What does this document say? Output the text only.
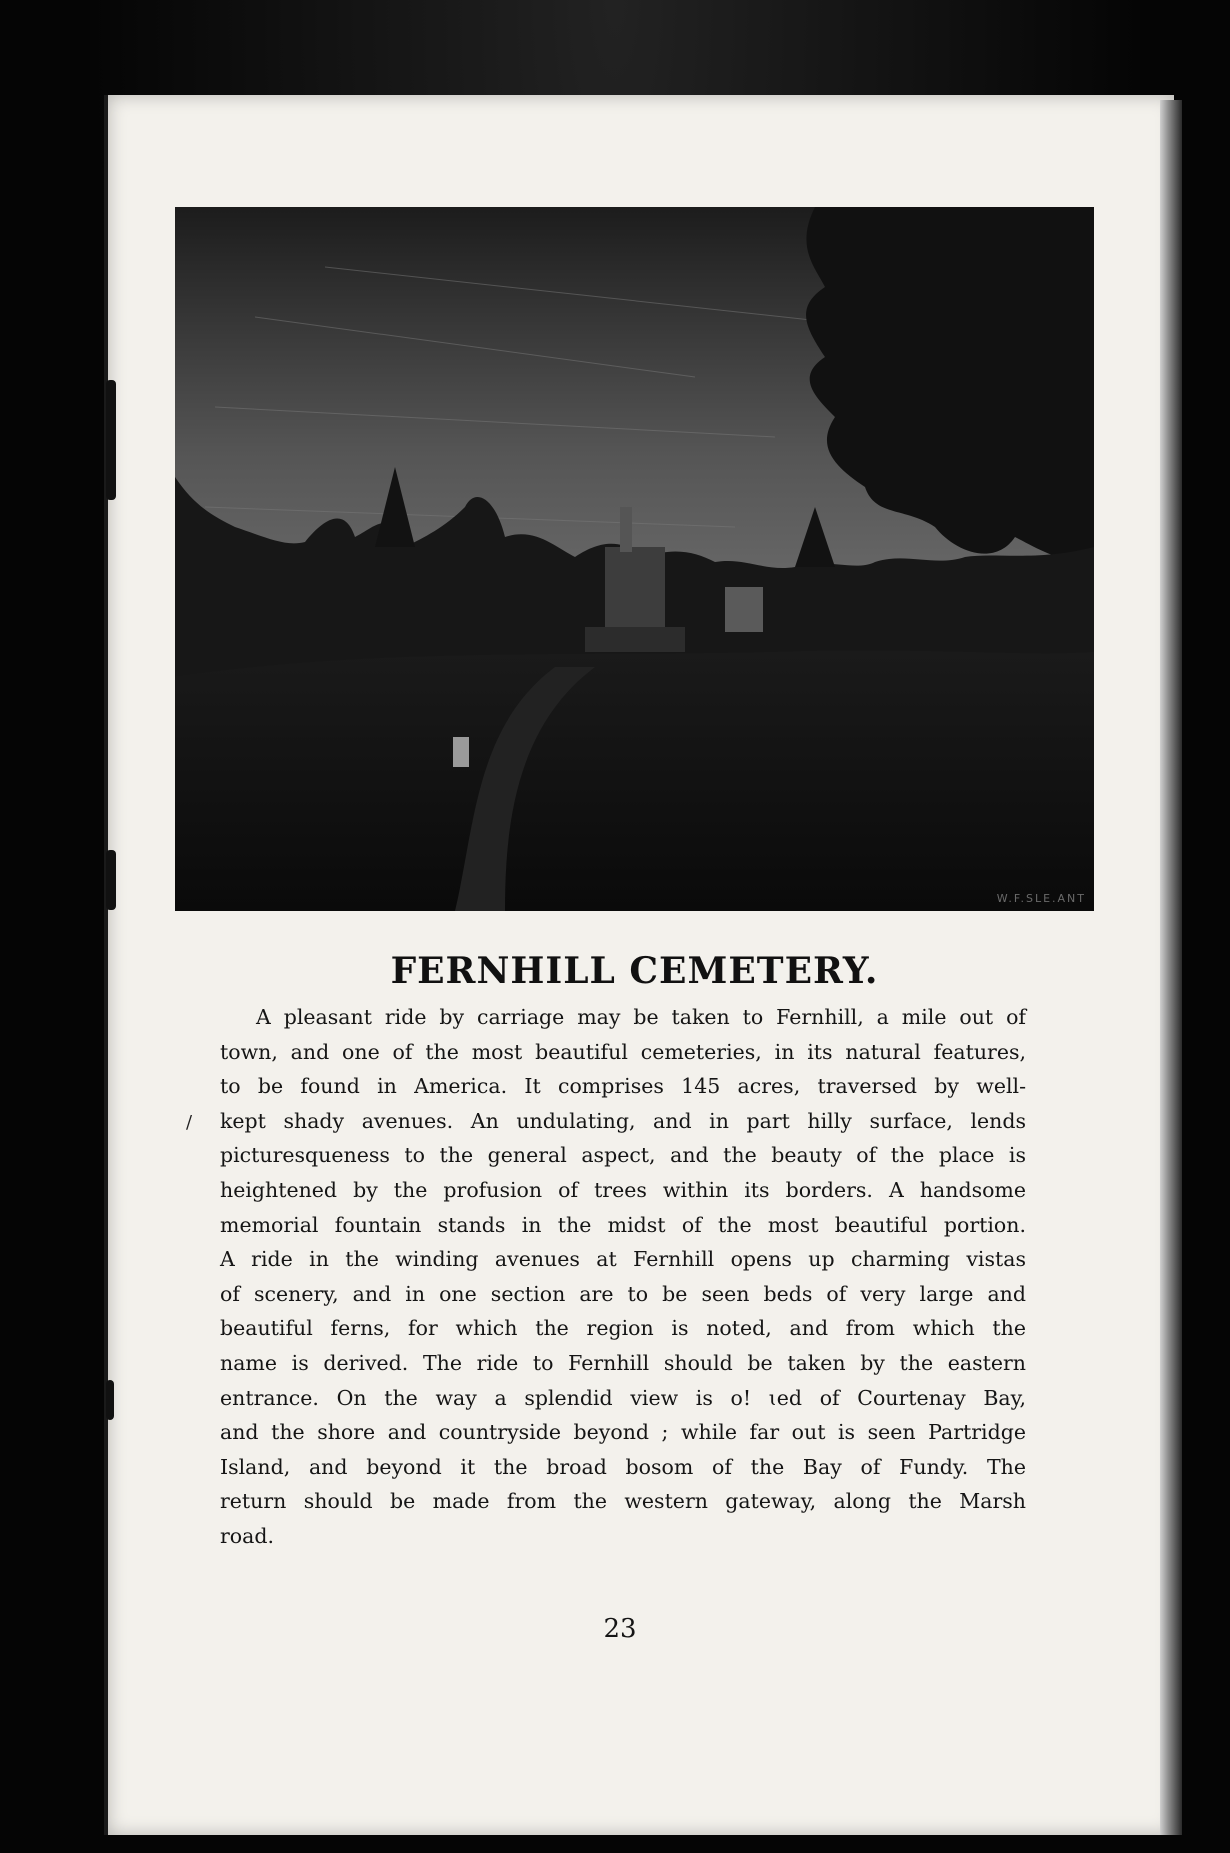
W.F.SLE.ANT
FERNHILL CEMETERY.
/
A pleasant ride by carriage may be taken to Fernhill, a mile out of
town, and one of the most beautiful cemeteries, in its natural features,
to be found in America. It comprises 145 acres, traversed by well-
kept shady avenues. An undulating, and in part hilly surface, lends
picturesqueness to the general aspect, and the beauty of the place is
heightened by the profusion of trees within its borders. A handsome
memorial fountain stands in the midst of the most beautiful portion.
A ride in the winding avenues at Fernhill opens up charming vistas
of scenery, and in one section are to be seen beds of very large and
beautiful ferns, for which the region is noted, and from which the
name is derived. The ride to Fernhill should be taken by the eastern
entrance. On the way a splendid view is o! ɩed of Courtenay Bay,
and the shore and countryside beyond ; while far out is seen Partridge
Island, and beyond it the broad bosom of the Bay of Fundy. The
return should be made from the western gateway, along the Marsh
road.
23
